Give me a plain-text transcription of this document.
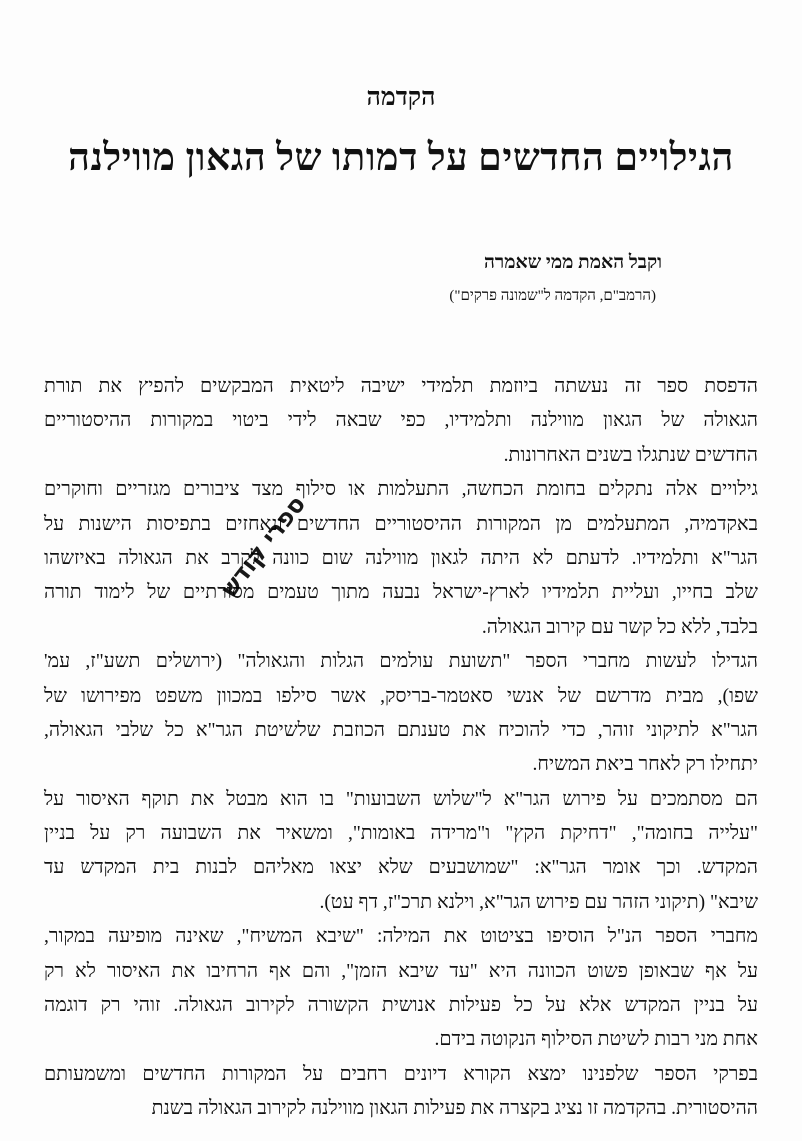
הקדמה
הגילויים החדשים על דמותו של הגאון מווילנה
וקבל האמת ממי שאמרה
(הרמב"ם, הקדמה ל"שמונה פרקים")
הדפסת ספר זה נעשתה ביוזמת תלמידי ישיבה ליטאית המבקשים להפיץ את תורת
הגאולה של הגאון מווילנה ותלמידיו, כפי שבאה לידי ביטוי במקורות ההיסטוריים
החדשים שנתגלו בשנים האחרונות.
גילויים אלה נתקלים בחומת הכחשה, התעלמות או סילוף מצד ציבורים מגזריים וחוקרים
באקדמיה, המתעלמים מן המקורות ההיסטוריים החדשים ונאחזים בתפיסות הישנות על
הגר"א ותלמידיו. לדעתם לא היתה לגאון מווילנה שום כוונה לקרב את הגאולה באיזשהו
שלב בחייו, ועליית תלמידיו לארץ-ישראל נבעה מתוך טעמים מסורתיים של לימוד תורה
בלבד, ללא כל קשר עם קירוב הגאולה.
הגדילו לעשות מחברי הספר "תשועת עולמים הגלות והגאולה" (ירושלים תשע"ז, עמ'
שפו), מבית מדרשם של אנשי סאטמר-בריסק, אשר סילפו במכוון משפט מפירושו של
הגר"א לתיקוני זוהר, כדי להוכיח את טענתם הכוזבת שלשיטת הגר"א כל שלבי הגאולה,
יתחילו רק לאחר ביאת המשיח.
הם מסתמכים על פירוש הגר"א ל"שלוש השבועות" בו הוא מבטל את תוקף האיסור על
"עלייה בחומה", "דחיקת הקץ" ו"מרידה באומות", ומשאיר את השבועה רק על בניין
המקדש. וכך אומר הגר"א: "שמושבעים שלא יצאו מאליהם לבנות בית המקדש עד
שיבא" (תיקוני הזהר עם פירוש הגר"א, וילנא תרכ"ז, דף עט).
מחברי הספר הנ"ל הוסיפו בציטוט את המילה: "שיבא המשיח", שאינה מופיעה במקור,
על אף שבאופן פשוט הכוונה היא "עד שיבא הזמן", והם אף הרחיבו את האיסור לא רק
על בניין המקדש אלא על כל פעילות אנושית הקשורה לקירוב הגאולה. זוהי רק דוגמה
אחת מני רבות לשיטת הסילוף הנקוטה בידם.
בפרקי הספר שלפנינו ימצא הקורא דיונים רחבים על המקורות החדשים ומשמעותם
ההיסטורית. בהקדמה זו נציג בקצרה את פעילות הגאון מווילנה לקירוב הגאולה בשנת
ספרי קודש
